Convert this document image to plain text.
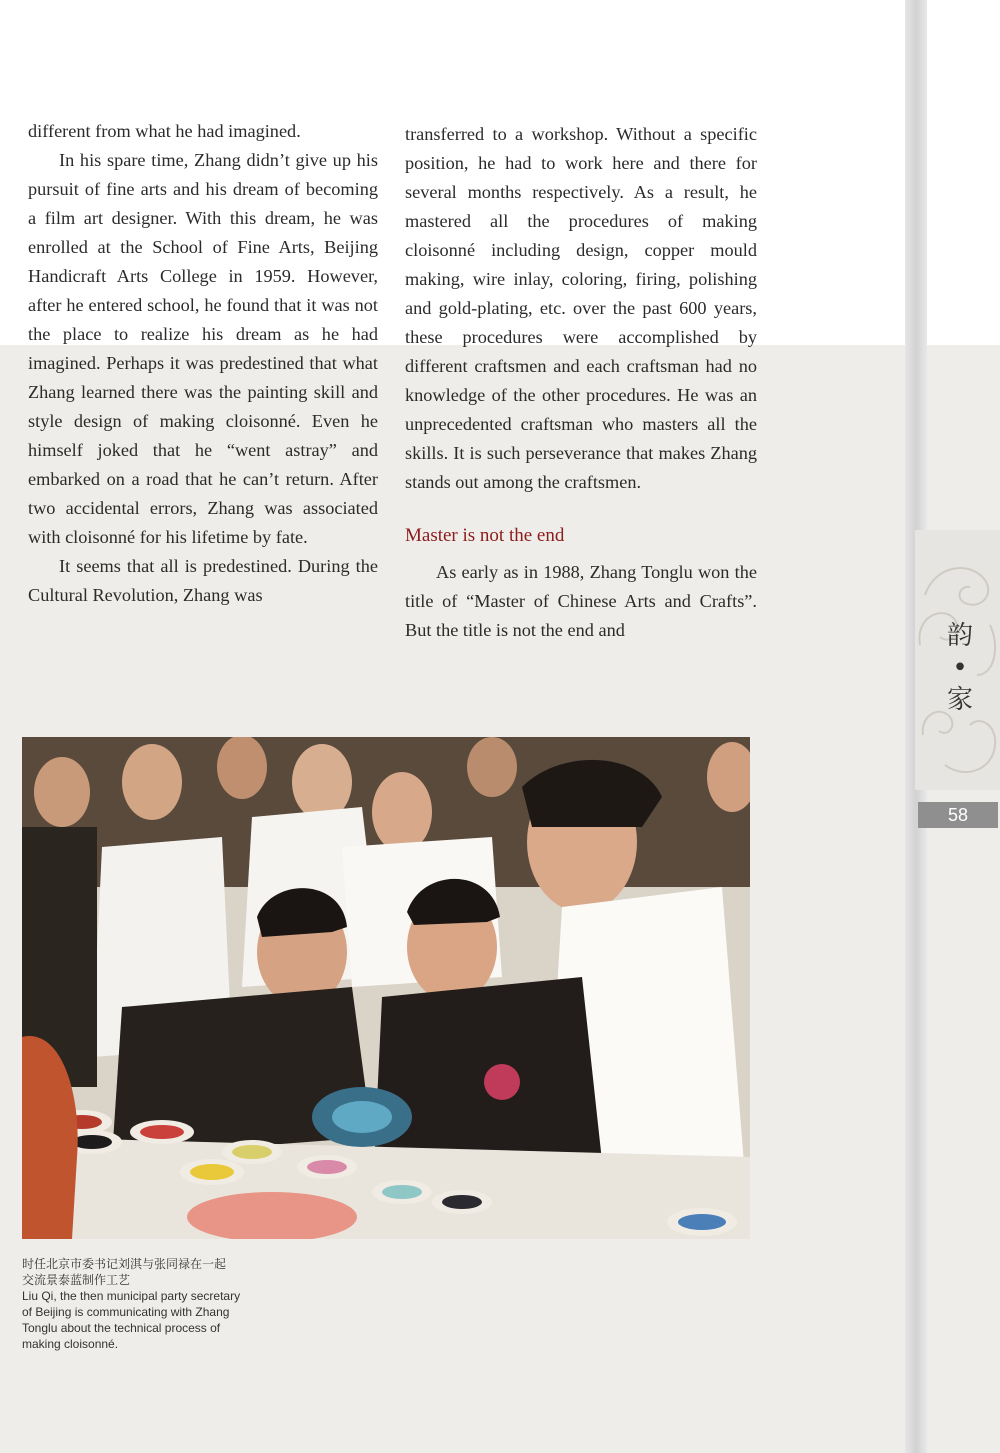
韵
•
家
58

different from what he had imagined.

In his spare time, Zhang didn’t give up his pursuit of fine arts and his dream of becoming a film art designer. With this dream, he was enrolled at the School of Fine Arts, Beijing Handicraft Arts College in 1959. However, after he entered school, he found that it was not the place to realize his dream as he had imagined. Perhaps it was predestined that what Zhang learned there was the painting skill and style design of making cloisonné. Even he himself joked that he “went astray” and embarked on a road that he can’t return. After two accidental errors, Zhang was associated with cloisonné for his lifetime by fate.

It seems that all is predestined. During the Cultural Revolution, Zhang was

transferred to a workshop. Without a specific position, he had to work here and there for several months respectively. As a result, he mastered all the procedures of making cloisonné including design, copper mould making, wire inlay, coloring, firing, polishing and gold-plating, etc. over the past 600 years, these procedures were accomplished by different craftsmen and each craftsman had no knowledge of the other procedures. He was an unprecedented craftsman who masters all the skills. It is such perseverance that makes Zhang stands out among the craftsmen.

Master is not the end

As early as in 1988, Zhang Tonglu won the title of “Master of Chinese Arts and Crafts”. But the title is not the end and

时任北京市委书记刘淇与张同禄在一起

交流景泰蓝制作工艺

Liu Qi, the then municipal party secretary of Beijing is communicating with Zhang Tonglu about the technical process of making cloisonné.
